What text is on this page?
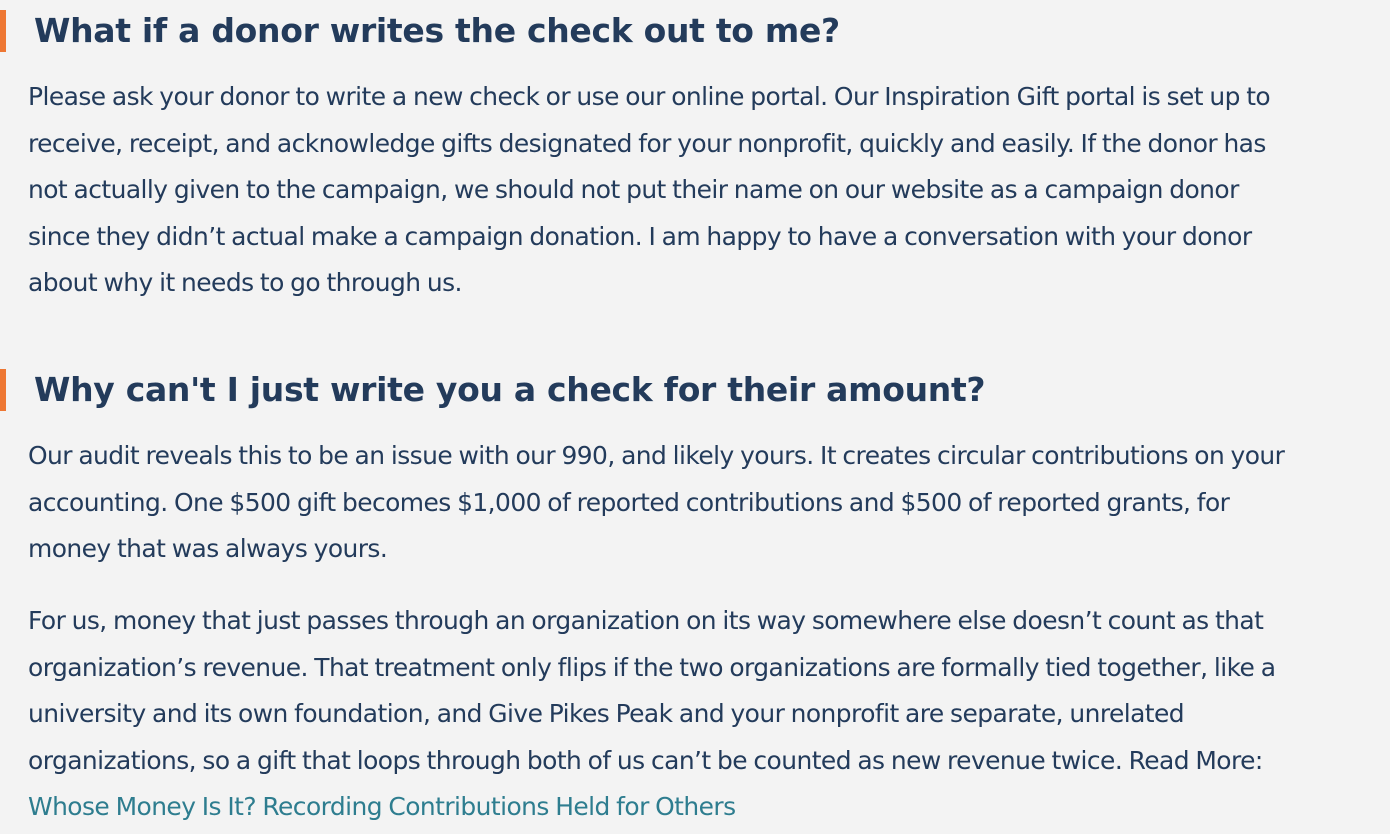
What if a donor writes the check out to me?

Please ask your donor to write a new check or use our online portal. Our Inspiration Gift portal is set up to
receive, receipt, and acknowledge gifts designated for your nonprofit, quickly and easily. If the donor has
not actually given to the campaign, we should not put their name on our website as a campaign donor
since they didn’t actual make a campaign donation. I am happy to have a conversation with your donor
about why it needs to go through us.

Why can't I just write you a check for their amount?

Our audit reveals this to be an issue with our 990, and likely yours. It creates circular contributions on your
accounting. One $500 gift becomes $1,000 of reported contributions and $500 of reported grants, for
money that was always yours.

For us, money that just passes through an organization on its way somewhere else doesn’t count as that
organization’s revenue. That treatment only flips if the two organizations are formally tied together, like a
university and its own foundation, and Give Pikes Peak and your nonprofit are separate, unrelated
organizations, so a gift that loops through both of us can’t be counted as new revenue twice. Read More:
Whose Money Is It? Recording Contributions Held for Others
